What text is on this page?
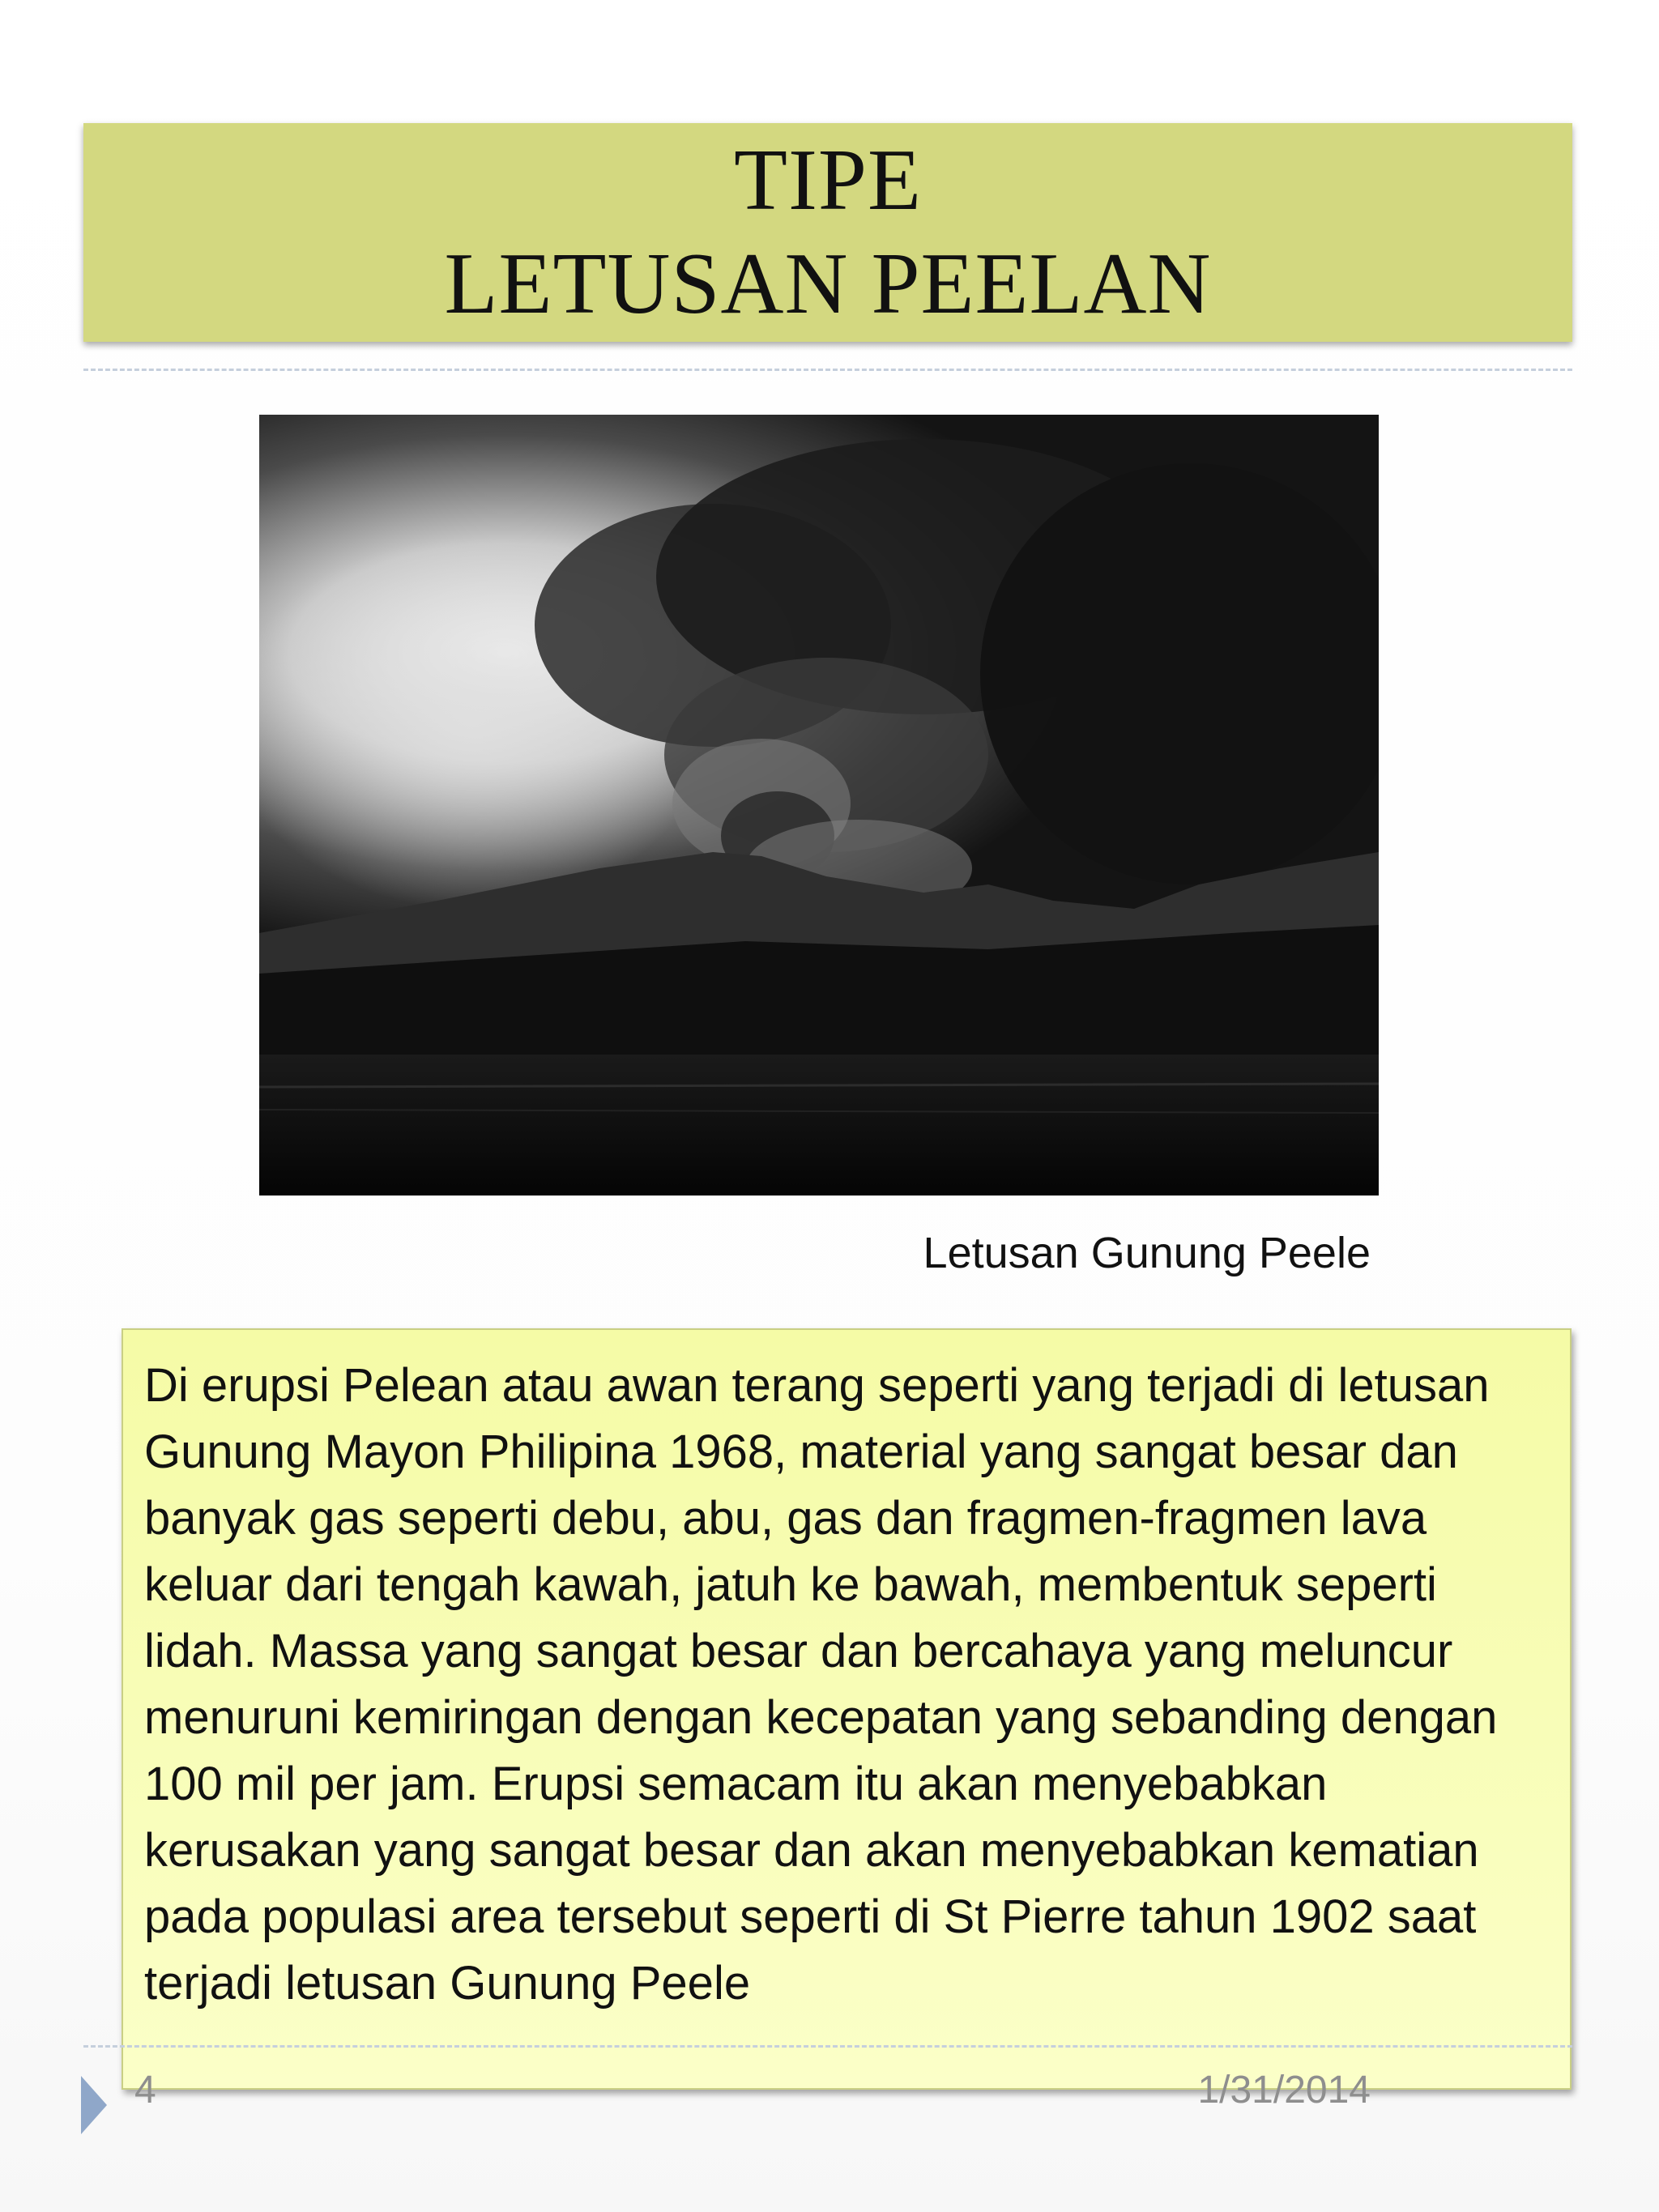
TIPE
LETUSAN PEELAN
Letusan Gunung Peele

Di erupsi Pelean atau awan terang seperti yang terjadi di letusan Gunung Mayon Philipina 1968, material yang sangat besar dan banyak gas seperti debu, abu, gas dan fragmen-fragmen lava keluar dari tengah kawah, jatuh ke bawah, membentuk seperti lidah. Massa yang sangat besar dan bercahaya yang meluncur menuruni kemiringan dengan kecepatan yang sebanding dengan 100 mil per jam. Erupsi semacam itu akan menyebabkan kerusakan yang sangat besar dan akan menyebabkan kematian pada populasi area tersebut seperti di St Pierre tahun 1902 saat terjadi letusan Gunung Peele

4	1/31/2014
